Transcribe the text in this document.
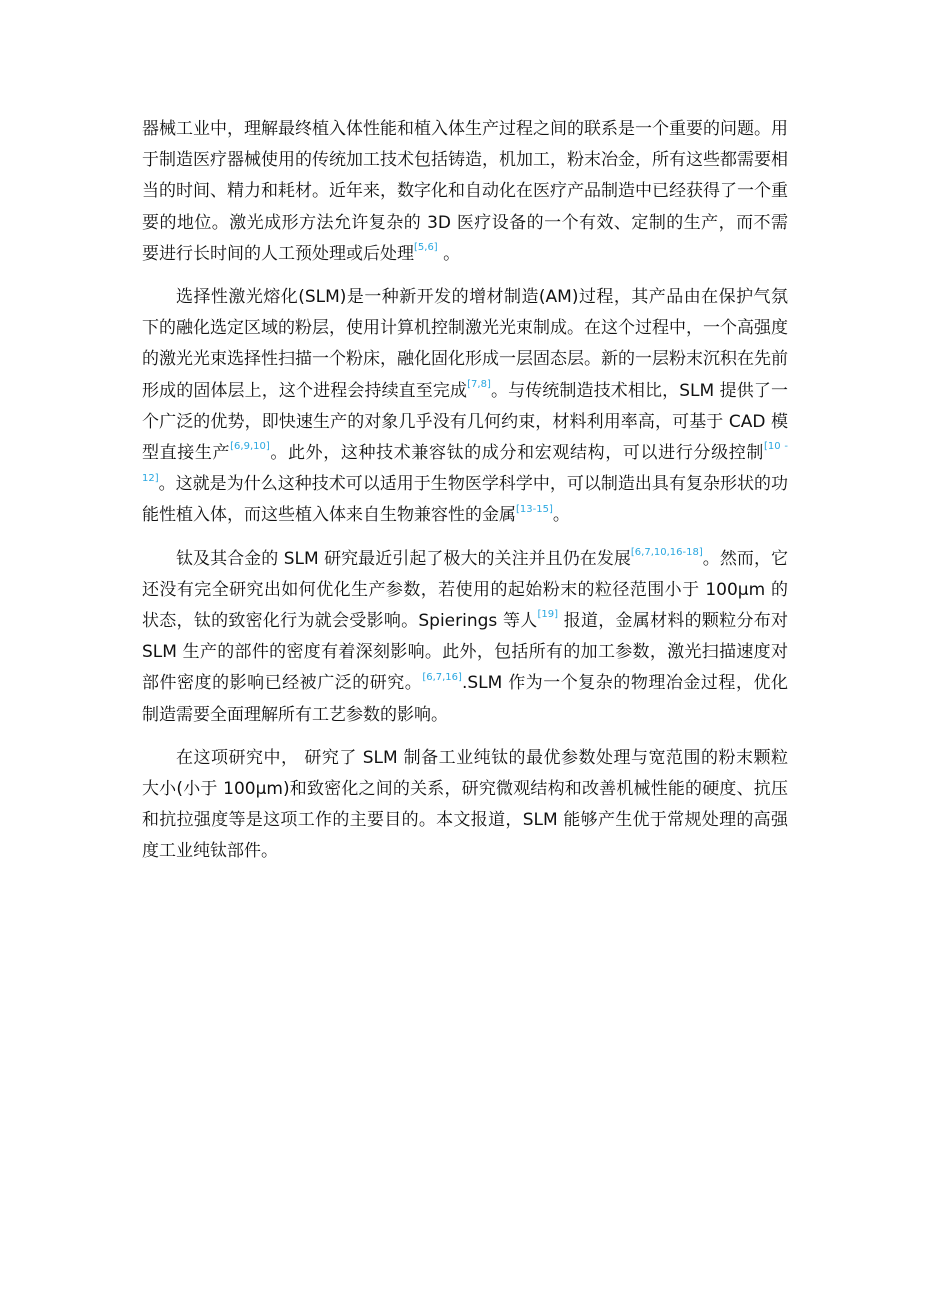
器械工业中，理解最终植入体性能和植入体生产过程之间的联系是一个重要的问题。用于制造医疗器械使用的传统加工技术包括铸造，机加工，粉末冶金，所有这些都需要相当的时间、精力和耗材。近年来，数字化和自动化在医疗产品制造中已经获得了一个重要的地位。激光成形方法允许复杂的 3D 医疗设备的一个有效、定制的生产，而不需要进行长时间的人工预处理或后处理[5,6] 。

选择性激光熔化(SLM)是一种新开发的增材制造(AM)过程，其产品由在保护气氛下的融化选定区域的粉层，使用计算机控制激光光束制成。在这个过程中，一个高强度的激光光束选择性扫描一个粉床，融化固化形成一层固态层。新的一层粉末沉积在先前形成的固体层上，这个进程会持续直至完成[7,8]。与传统制造技术相比，SLM 提供了一个广泛的优势，即快速生产的对象几乎没有几何约束，材料利用率高，可基于 CAD 模型直接生产[6,9,10]。此外，这种技术兼容钛的成分和宏观结构，可以进行分级控制[10 - 12]。这就是为什么这种技术可以适用于生物医学科学中，可以制造出具有复杂形状的功能性植入体，而这些植入体来自生物兼容性的金属[13-15]。

钛及其合金的 SLM 研究最近引起了极大的关注并且仍在发展[6,7,10,16-18]。然而，它还没有完全研究出如何优化生产参数，若使用的起始粉末的粒径范围小于 100μm 的状态，钛的致密化行为就会受影响。Spierings 等人[19] 报道，金属材料的颗粒分布对 SLM 生产的部件的密度有着深刻影响。此外，包括所有的加工参数，激光扫描速度对部件密度的影响已经被广泛的研究。[6,7,16].SLM 作为一个复杂的物理冶金过程，优化制造需要全面理解所有工艺参数的影响。

在这项研究中， 研究了 SLM 制备工业纯钛的最优参数处理与宽范围的粉末颗粒大小(小于 100μm)和致密化之间的关系，研究微观结构和改善机械性能的硬度、抗压和抗拉强度等是这项工作的主要目的。本文报道，SLM 能够产生优于常规处理的高强度工业纯钛部件。
